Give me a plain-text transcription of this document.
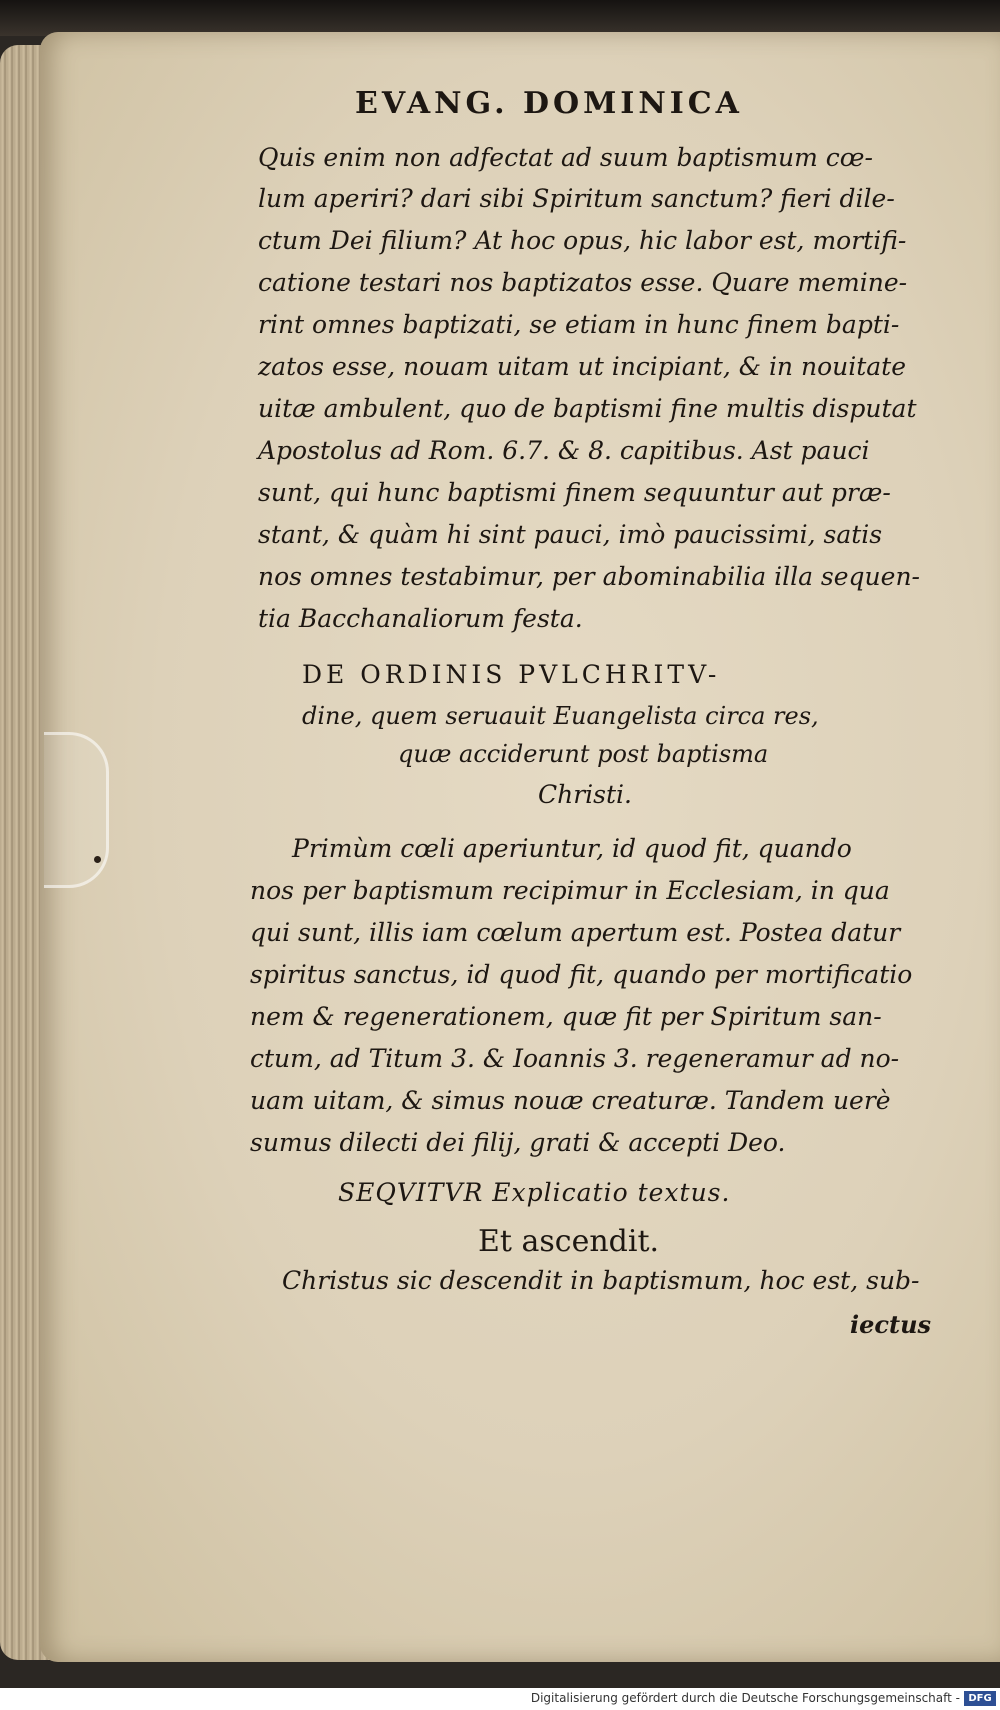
EVANG. DOMINICA

Quis enim non adfectat ad suum baptismum cœ-

lum aperiri? dari sibi Spiritum sanctum? fieri dile-

ctum Dei filium? At hoc opus, hic labor est, mortifi-

catione testari nos baptizatos esse. Quare memine-

rint omnes baptizati, se etiam in hunc finem bapti-

zatos esse, nouam uitam ut incipiant, & in nouitate

uitæ ambulent, quo de baptismi fine multis disputat

Apostolus ad Rom. 6.7. & 8. capitibus. Ast pauci

sunt, qui hunc baptismi finem sequuntur aut præ-

stant, & quàm hi sint pauci, imò paucissimi, satis

nos omnes testabimur, per abominabilia illa sequen-

tia Bacchanaliorum festa.

DE ORDINIS PVLCHRITV-

dine, quem seruauit Euangelista circa res,

quæ acciderunt post baptisma

Christi.

Primùm cœli aperiuntur, id quod fit, quando

nos per baptismum recipimur in Ecclesiam, in qua

qui sunt, illis iam cœlum apertum est. Postea datur

spiritus sanctus, id quod fit, quando per mortificatio

nem & regenerationem, quæ fit per Spiritum san-

ctum, ad Titum 3. & Ioannis 3. regeneramur ad no-

uam uitam, & simus nouæ creaturæ. Tandem uerè

sumus dilecti dei filij, grati & accepti Deo.

SEQVITVR Explicatio textus.

Et ascendit.

Christus sic descendit in baptismum, hoc est, sub-

iectus

Digitalisierung gefördert durch die Deutsche Forschungsgemeinschaft - DFG
